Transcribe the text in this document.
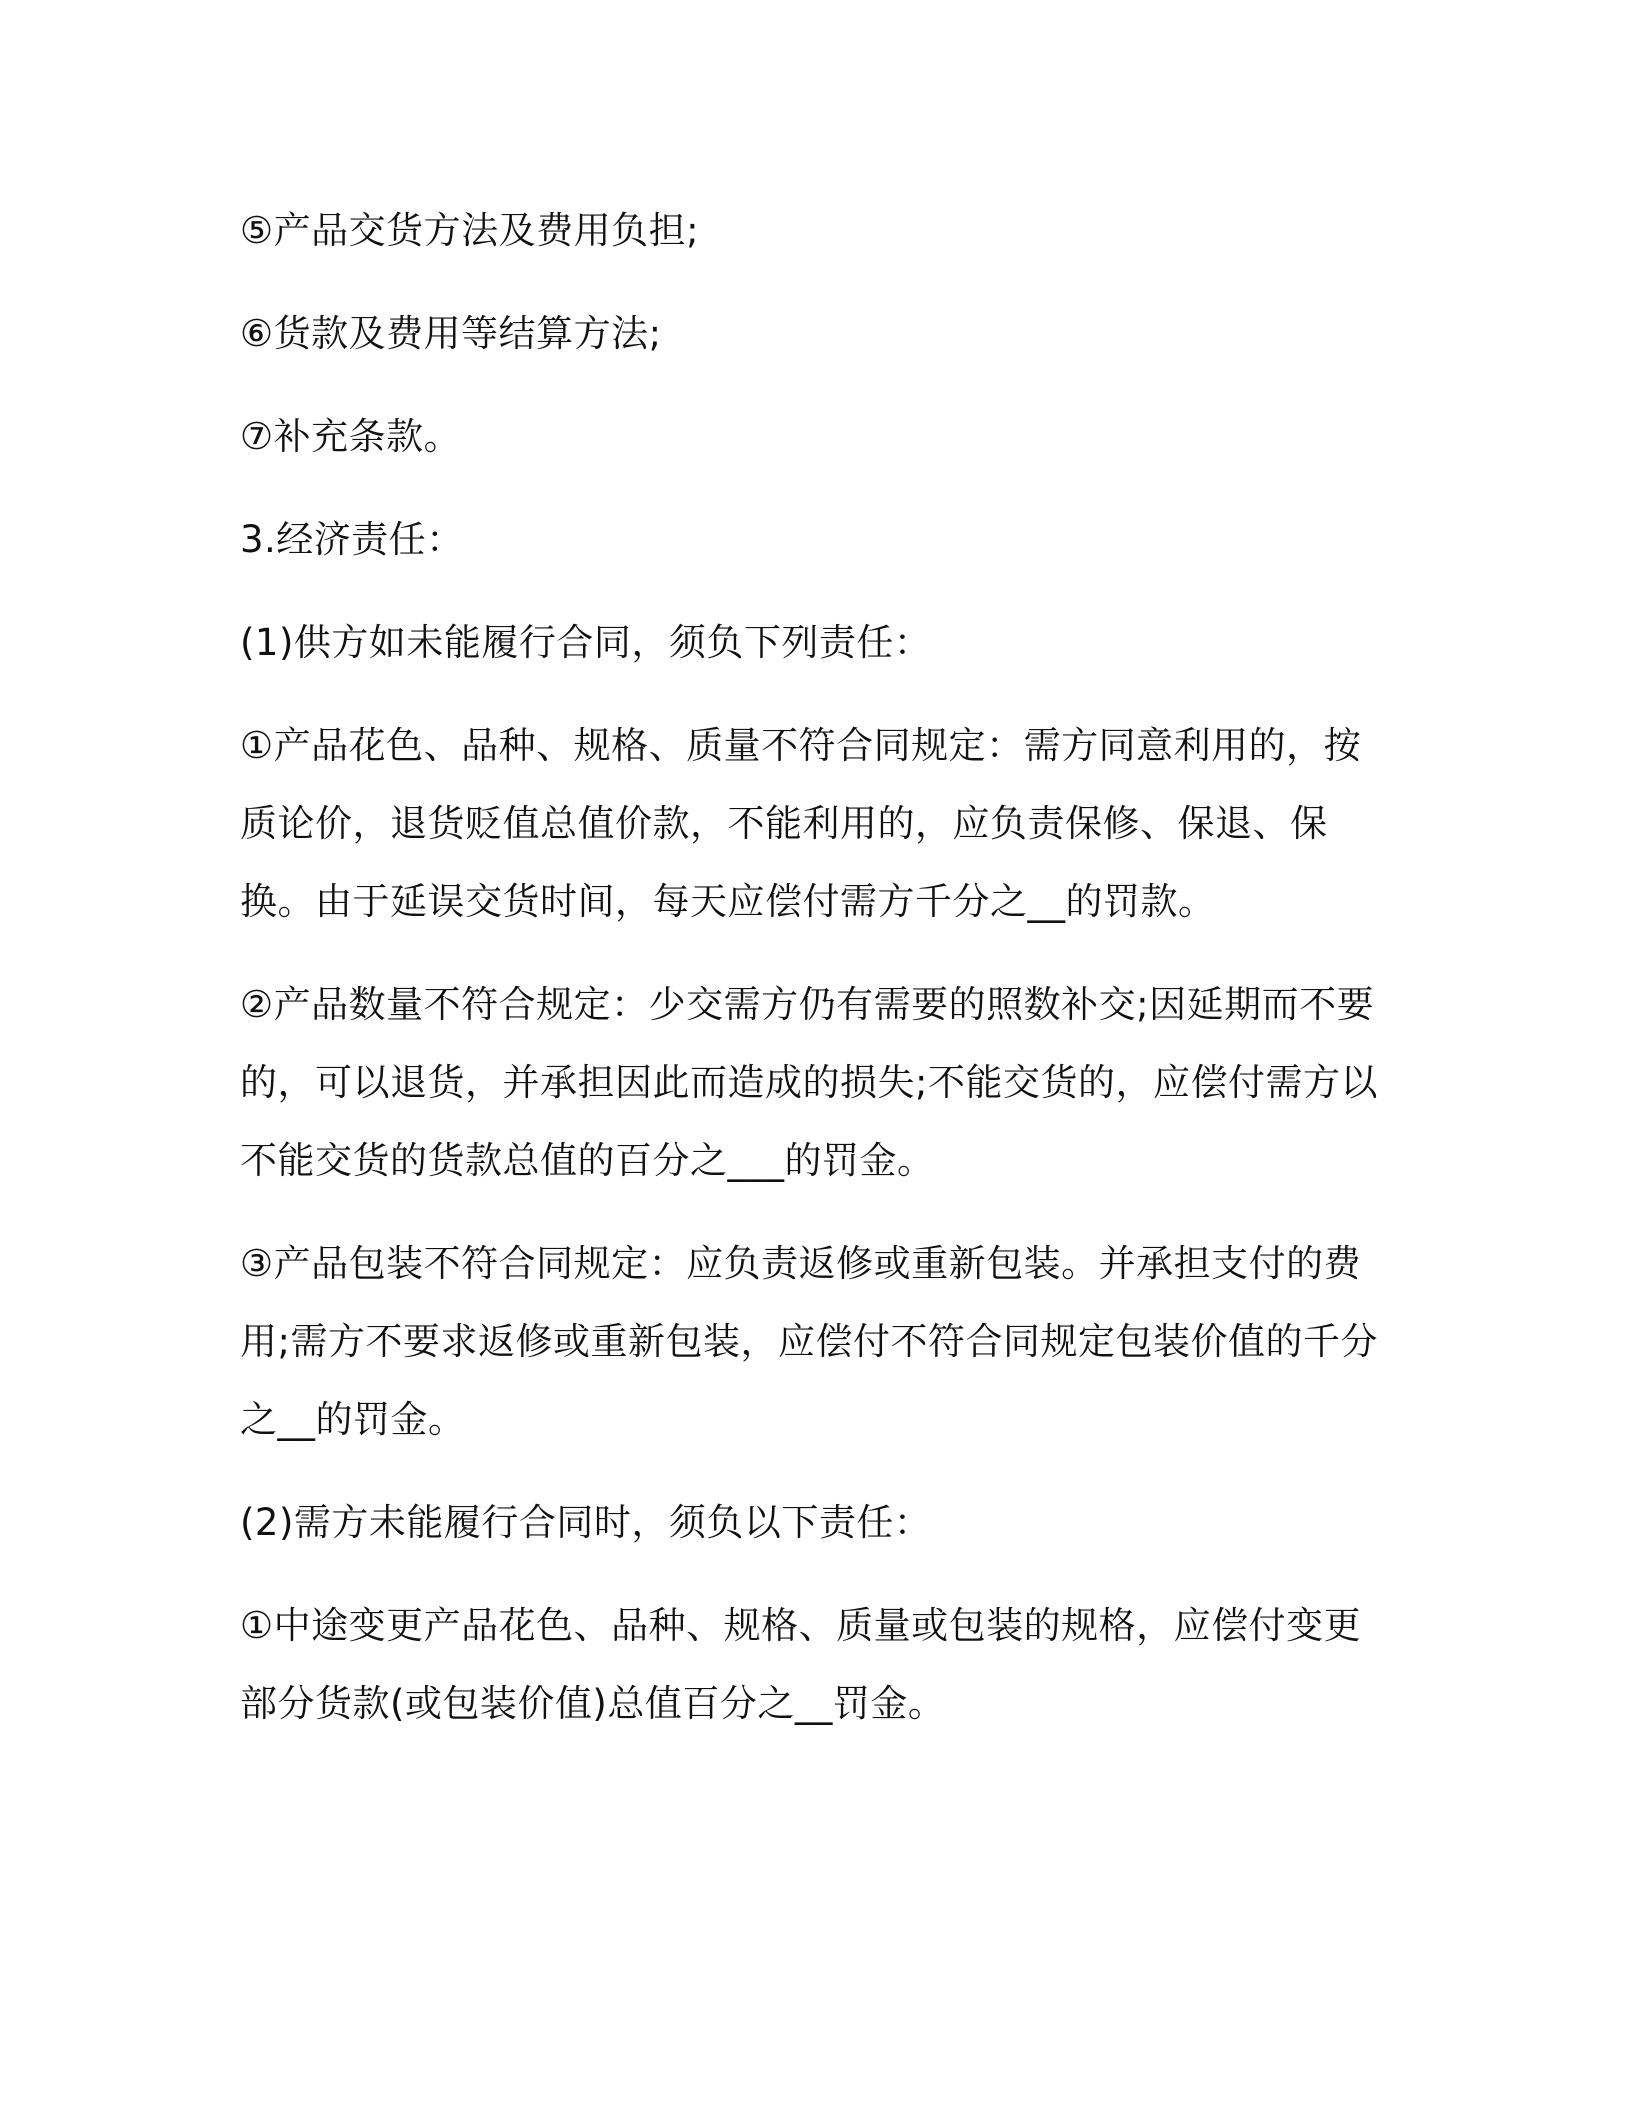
⑤产品交货方法及费用负担;

⑥货款及费用等结算方法;

⑦补充条款。

3.经济责任：

(1)供方如未能履行合同，须负下列责任：

①产品花色、品种、规格、质量不符合同规定：需方同意利用的，按质论价，退货贬值总值价款，不能利用的，应负责保修、保退、保换。由于延误交货时间，每天应偿付需方千分之__的罚款。

②产品数量不符合规定：少交需方仍有需要的照数补交;因延期而不要的，可以退货，并承担因此而造成的损失;不能交货的，应偿付需方以不能交货的货款总值的百分之___的罚金。

③产品包装不符合同规定：应负责返修或重新包装。并承担支付的费用;需方不要求返修或重新包装，应偿付不符合同规定包装价值的千分之__的罚金。

(2)需方未能履行合同时，须负以下责任：

①中途变更产品花色、品种、规格、质量或包装的规格，应偿付变更部分货款(或包装价值)总值百分之__罚金。
